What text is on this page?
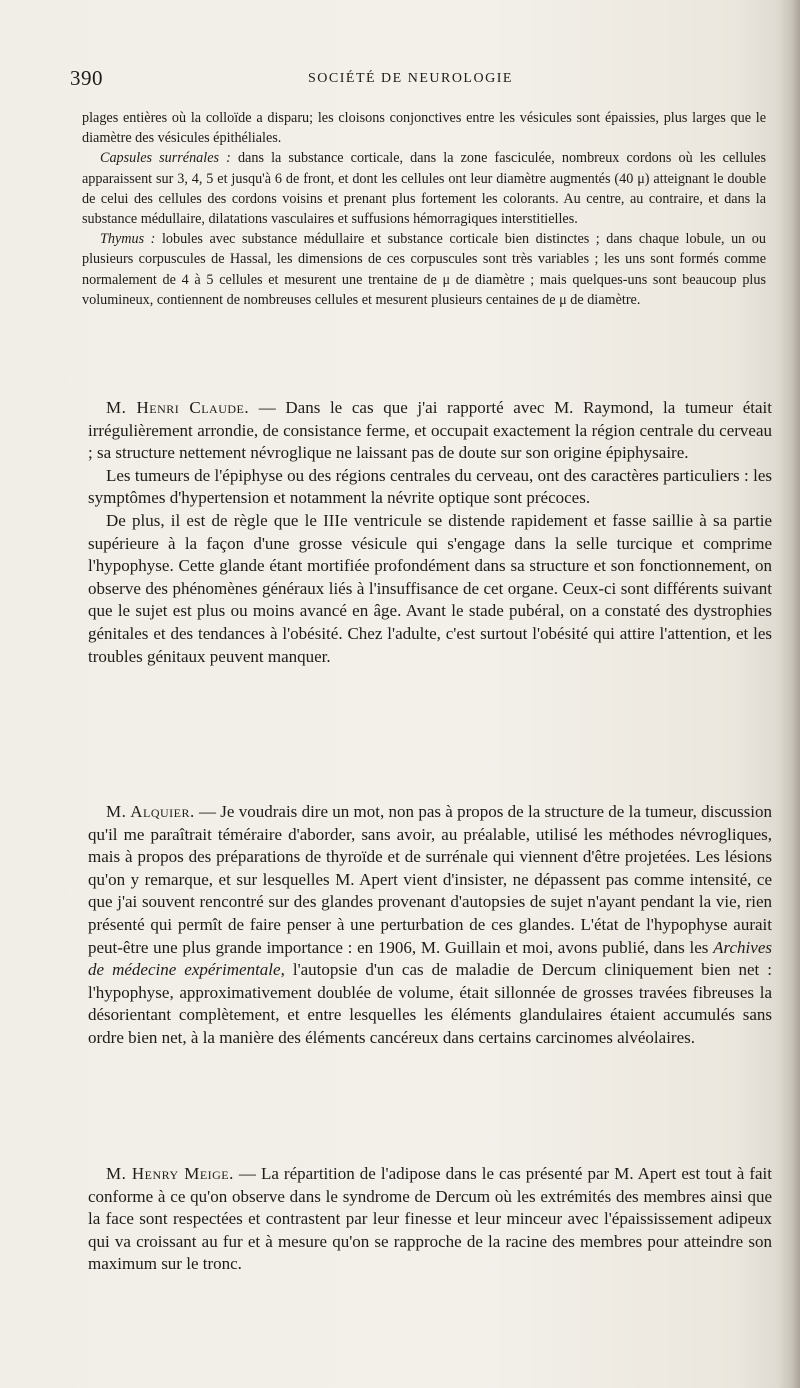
390	SOCIÉTÉ DE NEUROLOGIE

plages entières où la colloïde a disparu; les cloisons conjonctives entre les vésicules sont épaissies, plus larges que le diamètre des vésicules épithéliales.

Capsules surrénales : dans la substance corticale, dans la zone fasciculée, nombreux cordons où les cellules apparaissent sur 3, 4, 5 et jusqu'à 6 de front, et dont les cellules ont leur diamètre augmentés (40 μ) atteignant le double de celui des cellules des cordons voisins et prenant plus fortement les colorants. Au centre, au contraire, et dans la substance médullaire, dilatations vasculaires et suffusions hémorragiques interstitielles.

Thymus : lobules avec substance médullaire et substance corticale bien distinctes ; dans chaque lobule, un ou plusieurs corpuscules de Hassal, les dimensions de ces corpuscules sont très variables ; les uns sont formés comme normalement de 4 à 5 cellules et mesurent une trentaine de μ de diamètre ; mais quelques-uns sont beaucoup plus volumineux, contiennent de nombreuses cellules et mesurent plusieurs centaines de μ de diamètre.

M. Henri Claude. — Dans le cas que j'ai rapporté avec M. Raymond, la tumeur était irrégulièrement arrondie, de consistance ferme, et occupait exactement la région centrale du cerveau ; sa structure nettement névroglique ne laissant pas de doute sur son origine épiphysaire.

Les tumeurs de l'épiphyse ou des régions centrales du cerveau, ont des caractères particuliers : les symptômes d'hypertension et notamment la névrite optique sont précoces.

De plus, il est de règle que le IIIe ventricule se distende rapidement et fasse saillie à sa partie supérieure à la façon d'une grosse vésicule qui s'engage dans la selle turcique et comprime l'hypophyse. Cette glande étant mortifiée profondément dans sa structure et son fonctionnement, on observe des phénomènes généraux liés à l'insuffisance de cet organe. Ceux-ci sont différents suivant que le sujet est plus ou moins avancé en âge. Avant le stade pubéral, on a constaté des dystrophies génitales et des tendances à l'obésité. Chez l'adulte, c'est surtout l'obésité qui attire l'attention, et les troubles génitaux peuvent manquer.

M. Alquier. — Je voudrais dire un mot, non pas à propos de la structure de la tumeur, discussion qu'il me paraîtrait téméraire d'aborder, sans avoir, au préalable, utilisé les méthodes névrogliques, mais à propos des préparations de thyroïde et de surrénale qui viennent d'être projetées. Les lésions qu'on y remarque, et sur lesquelles M. Apert vient d'insister, ne dépassent pas comme intensité, ce que j'ai souvent rencontré sur des glandes provenant d'autopsies de sujet n'ayant pendant la vie, rien présenté qui permît de faire penser à une perturbation de ces glandes. L'état de l'hypophyse aurait peut-être une plus grande importance : en 1906, M. Guillain et moi, avons publié, dans les Archives de médecine expérimentale, l'autopsie d'un cas de maladie de Dercum cliniquement bien net : l'hypophyse, approximativement doublée de volume, était sillonnée de grosses travées fibreuses la désorientant complètement, et entre lesquelles les éléments glandulaires étaient accumulés sans ordre bien net, à la manière des éléments cancéreux dans certains carcinomes alvéolaires.

M. Henry Meige. — La répartition de l'adipose dans le cas présenté par M. Apert est tout à fait conforme à ce qu'on observe dans le syndrome de Dercum où les extrémités des membres ainsi que la face sont respectées et contrastent par leur finesse et leur minceur avec l'épaississement adipeux qui va croissant au fur et à mesure qu'on se rapproche de la racine des membres pour atteindre son maximum sur le tronc.
